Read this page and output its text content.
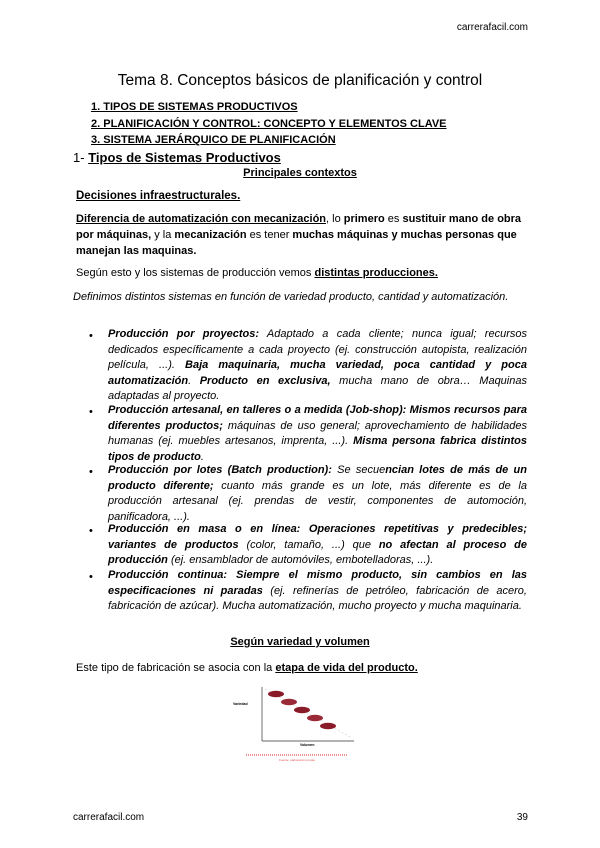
carrerafacil.com
Tema 8. Conceptos básicos de planificación y control
1. TIPOS DE SISTEMAS PRODUCTIVOS
2. PLANIFICACIÓN Y CONTROL: CONCEPTO Y ELEMENTOS CLAVE
3. SISTEMA JERÁRQUICO DE PLANIFICACIÓN
1- Tipos de Sistemas Productivos
Principales contextos
Decisiones infraestructurales.
Diferencia de automatización con mecanización, lo primero es sustituir mano de obra por máquinas, y la mecanización es tener muchas máquinas y muchas personas que manejan las maquinas.
Según esto y los sistemas de producción vemos distintas producciones.
Definimos distintos sistemas en función de variedad producto, cantidad y automatización.
• Producción por proyectos: Adaptado a cada cliente; nunca igual; recursos dedicados específicamente a cada proyecto (ej. construcción autopista, realización película, ...). Baja maquinaria, mucha variedad, poca cantidad y poca automatización. Producto en exclusiva, mucha mano de obra… Maquinas adaptadas al proyecto.
• Producción artesanal, en talleres o a medida (Job-shop): Mismos recursos para diferentes productos; máquinas de uso general; aprovechamiento de habilidades humanas (ej. muebles artesanos, imprenta, ...). Misma persona fabrica distintos tipos de producto.
• Producción por lotes (Batch production): Se secuencian lotes de más de un producto diferente; cuanto más grande es un lote, más diferente es de la producción artesanal (ej. prendas de vestir, componentes de automoción, panificadora, ...).
• Producción en masa o en línea: Operaciones repetitivas y predecibles; variantes de productos (color, tamaño, ...) que no afectan al proceso de producción (ej. ensamblador de automóviles, embotelladoras, ...).
• Producción continua: Siempre el mismo producto, sin cambios en las especificaciones ni paradas (ej. refinerías de petróleo, fabricación de acero, fabricación de azúcar). Mucha automatización, mucho proyecto y mucha maquinaria.
Según variedad y volumen
Este tipo de fabricación se asocia con la etapa de vida del producto.
Variedad
Volumen
Fuente: elaboración propia
carrerafacil.com	39
